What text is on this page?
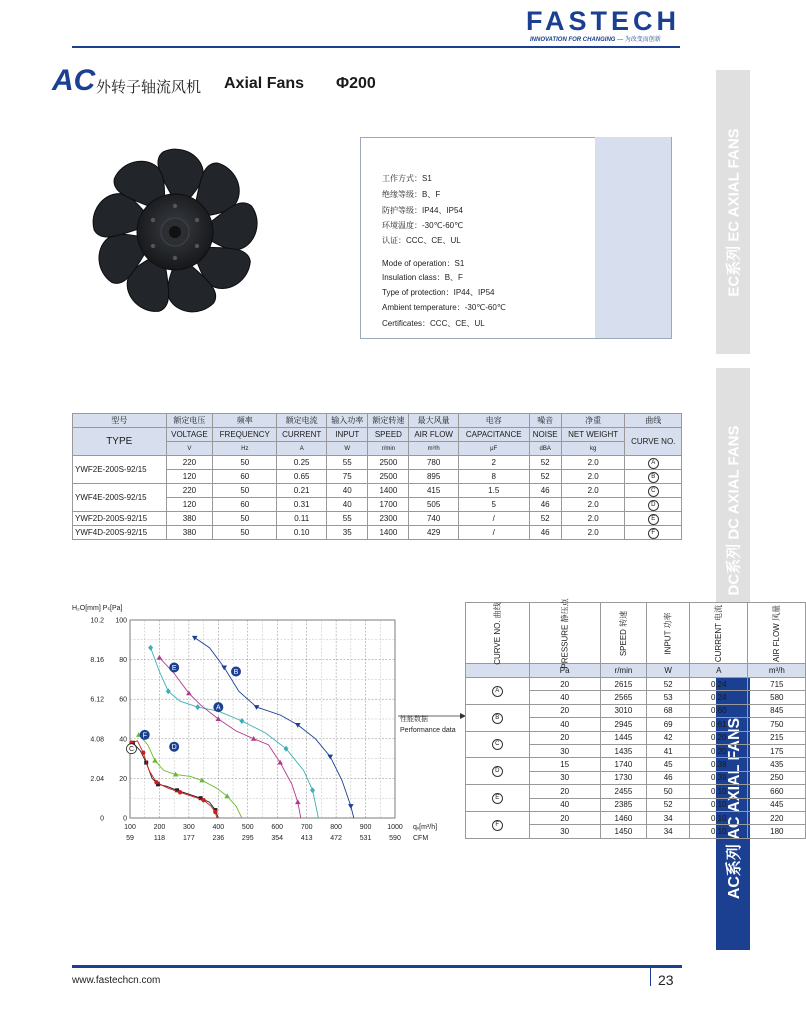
FASTECH
INNOVATION FOR CHANGING — 为改变而创新
AC 外转子轴流风机 Axial Fans Φ200
EC系列 EC AXIAL FANS
DC系列 DC AXIAL FANS
AC系列 AC AXIAL FANS
工作方式：S1
绝缘等级：B、F
防护等级：IP44、IP54
环境温度：-30℃-60℃
认证：CCC、CE、UL
Mode of operation：S1
Insulation class：B、F
Type of protection：IP44、IP54
Ambient temperature：-30℃-60℃
Certificates：CCC、CE、UL
型号	额定电压	频率	额定电流	输入功率	额定转速	最大风量	电容	噪音	净重	曲线
TYPE	VOLTAGE	FREQUENCY	CURRENT	INPUT	SPEED	AIR FLOW	CAPACITANCE	NOISE	NET WEIGHT	CURVE NO.
	V	Hz	A	W	r/min	m³/h	μF	dBA	kg	
YWF2E-200S-92/15	220	50	0.25	55	2500	780	2	52	2.0	A
	120	60	0.65	75	2500	895	8	52	2.0	B
YWF4E-200S-92/15	220	50	0.21	40	1400	415	1.5	46	2.0	C
	120	60	0.31	40	1700	505	5	46	2.0	D
YWF2D-200S-92/15	380	50	0.11	55	2300	740	/	52	2.0	E
YWF4D-200S-92/15	380	50	0.10	35	1400	429	/	46	2.0	F
100	200	300	400	500	600	700	800	900 1000
59	118	177	236	295	354	413	472	531	590
0
20
40
60
80
100
0
2.04
4.08
6.12
8.16
10.2
H₂O[mm] Pₛ[Pa]
qᵥ[m³/h]
CFM
A
B
C	D
E
F
性能数据
Performance data
CURVE NO. 曲线	PRESSURE 静压点	SPEED 转速	INPUT 功率	CURRENT 电流	AIR FLOW 风量
	Pa	r/min	W	A	m³/h
A	20	2615	52	0.24	715
	40	2565	53	0.24	580
B	20	3010	68	0.60	845
	40	2945	69	0.61	750
C	20	1445	42	0.20	215
	30	1435	41	0.20	175
D	15	1740	45	0.38	435
	30	1730	46	0.39	250
E	20	2455	50	0.10	660
	40	2385	52	0.10	445
F	20	1460	34	0.10	220
	30	1450	34	0.10	180
www.fastechcn.com	23
